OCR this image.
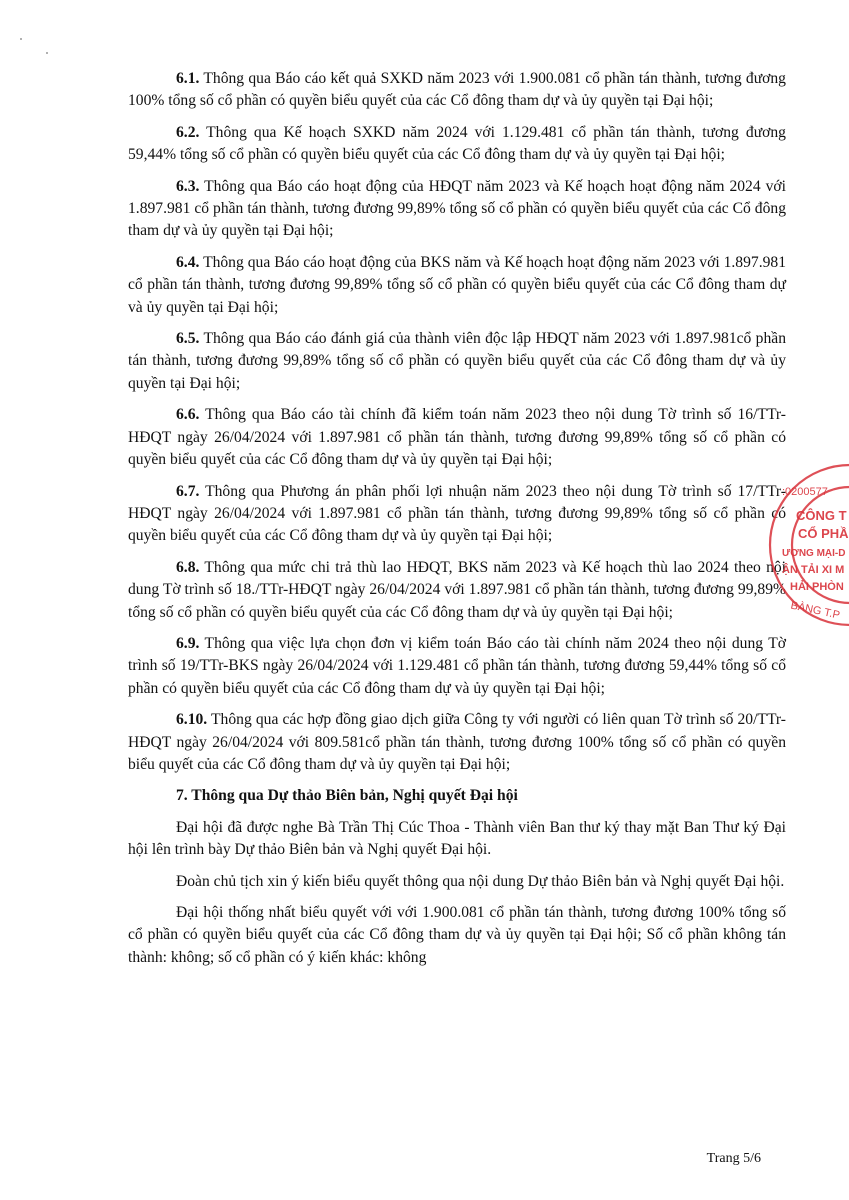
6.1. Thông qua Báo cáo kết quả SXKD năm 2023 với 1.900.081 cổ phần tán thành, tương đương 100% tổng số cổ phần có quyền biểu quyết của các Cổ đông tham dự và ủy quyền tại Đại hội;

6.2. Thông qua Kế hoạch SXKD năm 2024 với 1.129.481 cổ phần tán thành, tương đương 59,44% tổng số cổ phần có quyền biểu quyết của các Cổ đông tham dự và ủy quyền tại Đại hội;

6.3. Thông qua Báo cáo hoạt động của HĐQT năm 2023 và Kế hoạch hoạt động năm 2024 với 1.897.981 cổ phần tán thành, tương đương 99,89% tổng số cổ phần có quyền biểu quyết của các Cổ đông tham dự và ủy quyền tại Đại hội;

6.4. Thông qua Báo cáo hoạt động của BKS năm và Kế hoạch hoạt động năm 2023 với 1.897.981 cổ phần tán thành, tương đương 99,89% tổng số cổ phần có quyền biểu quyết của các Cổ đông tham dự và ủy quyền tại Đại hội;

6.5. Thông qua Báo cáo đánh giá của thành viên độc lập HĐQT năm 2023 với 1.897.981cổ phần tán thành, tương đương 99,89% tổng số cổ phần có quyền biểu quyết của các Cổ đông tham dự và ủy quyền tại Đại hội;

6.6. Thông qua Báo cáo tài chính đã kiểm toán năm 2023 theo nội dung Tờ trình số 16/TTr-HĐQT ngày 26/04/2024 với 1.897.981 cổ phần tán thành, tương đương 99,89% tổng số cổ phần có quyền biểu quyết của các Cổ đông tham dự và ủy quyền tại Đại hội;

6.7. Thông qua Phương án phân phối lợi nhuận năm 2023 theo nội dung Tờ trình số 17/TTr-HĐQT ngày 26/04/2024 với 1.897.981 cổ phần tán thành, tương đương 99,89% tổng số cổ phần có quyền biểu quyết của các Cổ đông tham dự và ủy quyền tại Đại hội;

6.8. Thông qua mức chi trả thù lao HĐQT, BKS năm 2023 và Kế hoạch thù lao 2024 theo nội dung Tờ trình số 18./TTr-HĐQT ngày 26/04/2024 với 1.897.981 cổ phần tán thành, tương đương 99,89% tổng số cổ phần có quyền biểu quyết của các Cổ đông tham dự và ủy quyền tại Đại hội;

6.9. Thông qua việc lựa chọn đơn vị kiểm toán Báo cáo tài chính năm 2024 theo nội dung Tờ trình số 19/TTr-BKS ngày 26/04/2024 với 1.129.481 cổ phần tán thành, tương đương 59,44% tổng số cổ phần có quyền biểu quyết của các Cổ đông tham dự và ủy quyền tại Đại hội;

6.10. Thông qua các hợp đồng giao dịch giữa Công ty với người có liên quan Tờ trình số 20/TTr-HĐQT ngày 26/04/2024 với 809.581cổ phần tán thành, tương đương 100% tổng số cổ phần có quyền biểu quyết của các Cổ đông tham dự và ủy quyền tại Đại hội;

7. Thông qua Dự thảo Biên bản, Nghị quyết Đại hội

Đại hội đã được nghe Bà Trần Thị Cúc Thoa - Thành viên Ban thư ký thay mặt Ban Thư ký Đại hội lên trình bày Dự thảo Biên bản và Nghị quyết Đại hội.

Đoàn chủ tịch xin ý kiến biểu quyết thông qua nội dung Dự thảo Biên bản và Nghị quyết Đại hội.

Đại hội thống nhất biểu quyết với với 1.900.081 cổ phần tán thành, tương đương 100% tổng số cổ phần có quyền biểu quyết của các Cổ đông tham dự và ủy quyền tại Đại hội; Số cổ phần không tán thành: không; số cổ phần có ý kiến khác: không

:0200577
CÔNG T
CỔ PHẦ
ƯƠNG MẠI-D
ẬN TẢI XI M
HẢI PHÒN
BÀNG T.P
Trang 5/6
